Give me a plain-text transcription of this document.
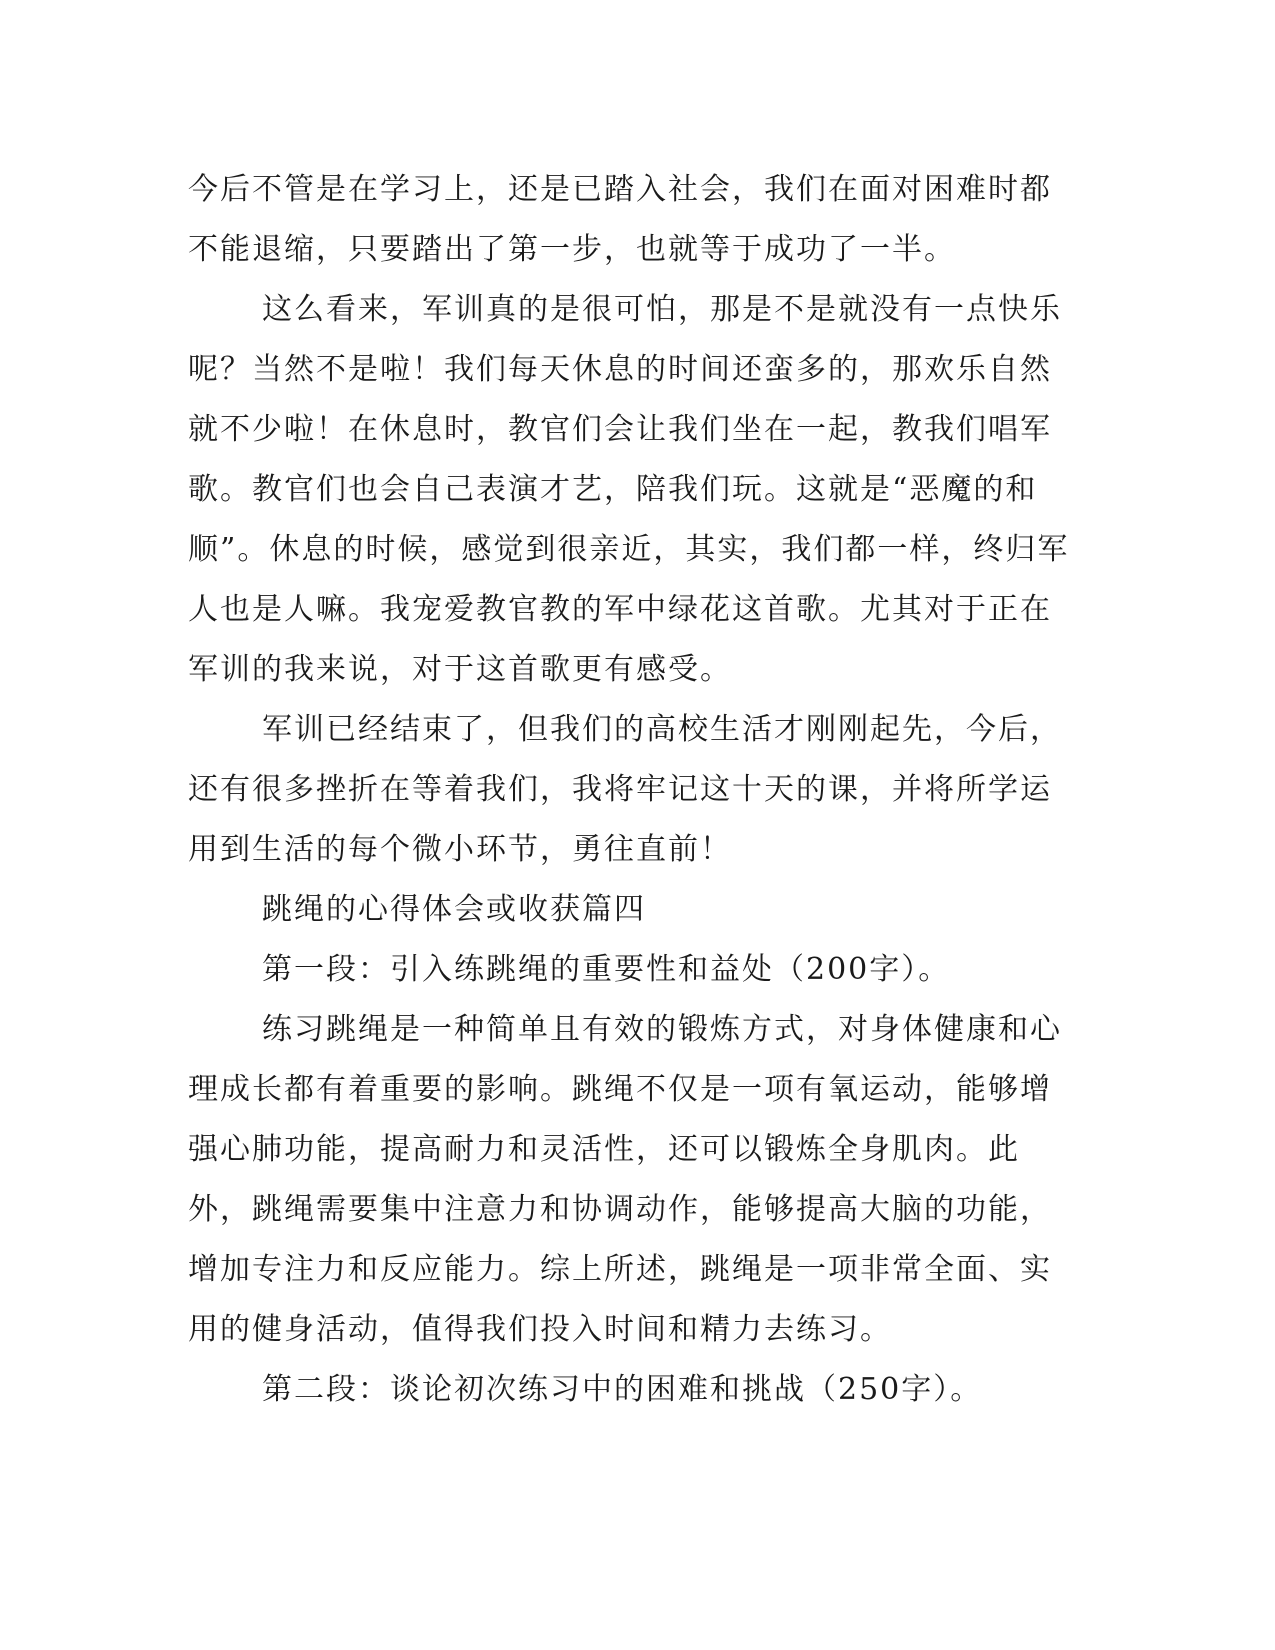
今后不管是在学习上，还是已踏入社会，我们在面对困难时都不能退缩，只要踏出了第一步，也就等于成功了一半。

这么看来，军训真的是很可怕，那是不是就没有一点快乐呢？当然不是啦！我们每天休息的时间还蛮多的，那欢乐自然就不少啦！在休息时，教官们会让我们坐在一起，教我们唱军歌。教官们也会自己表演才艺，陪我们玩。这就是“恶魔的和顺”。休息的时候，感觉到很亲近，其实，我们都一样，终归军人也是人嘛。我宠爱教官教的军中绿花这首歌。尤其对于正在军训的我来说，对于这首歌更有感受。

军训已经结束了，但我们的高校生活才刚刚起先，今后，还有很多挫折在等着我们，我将牢记这十天的课，并将所学运用到生活的每个微小环节，勇往直前！

跳绳的心得体会或收获篇四

第一段：引入练跳绳的重要性和益处（200字）。

练习跳绳是一种简单且有效的锻炼方式，对身体健康和心理成长都有着重要的影响。跳绳不仅是一项有氧运动，能够增强心肺功能，提高耐力和灵活性，还可以锻炼全身肌肉。此外，跳绳需要集中注意力和协调动作，能够提高大脑的功能，增加专注力和反应能力。综上所述，跳绳是一项非常全面、实用的健身活动，值得我们投入时间和精力去练习。

第二段：谈论初次练习中的困难和挑战（250字）。
